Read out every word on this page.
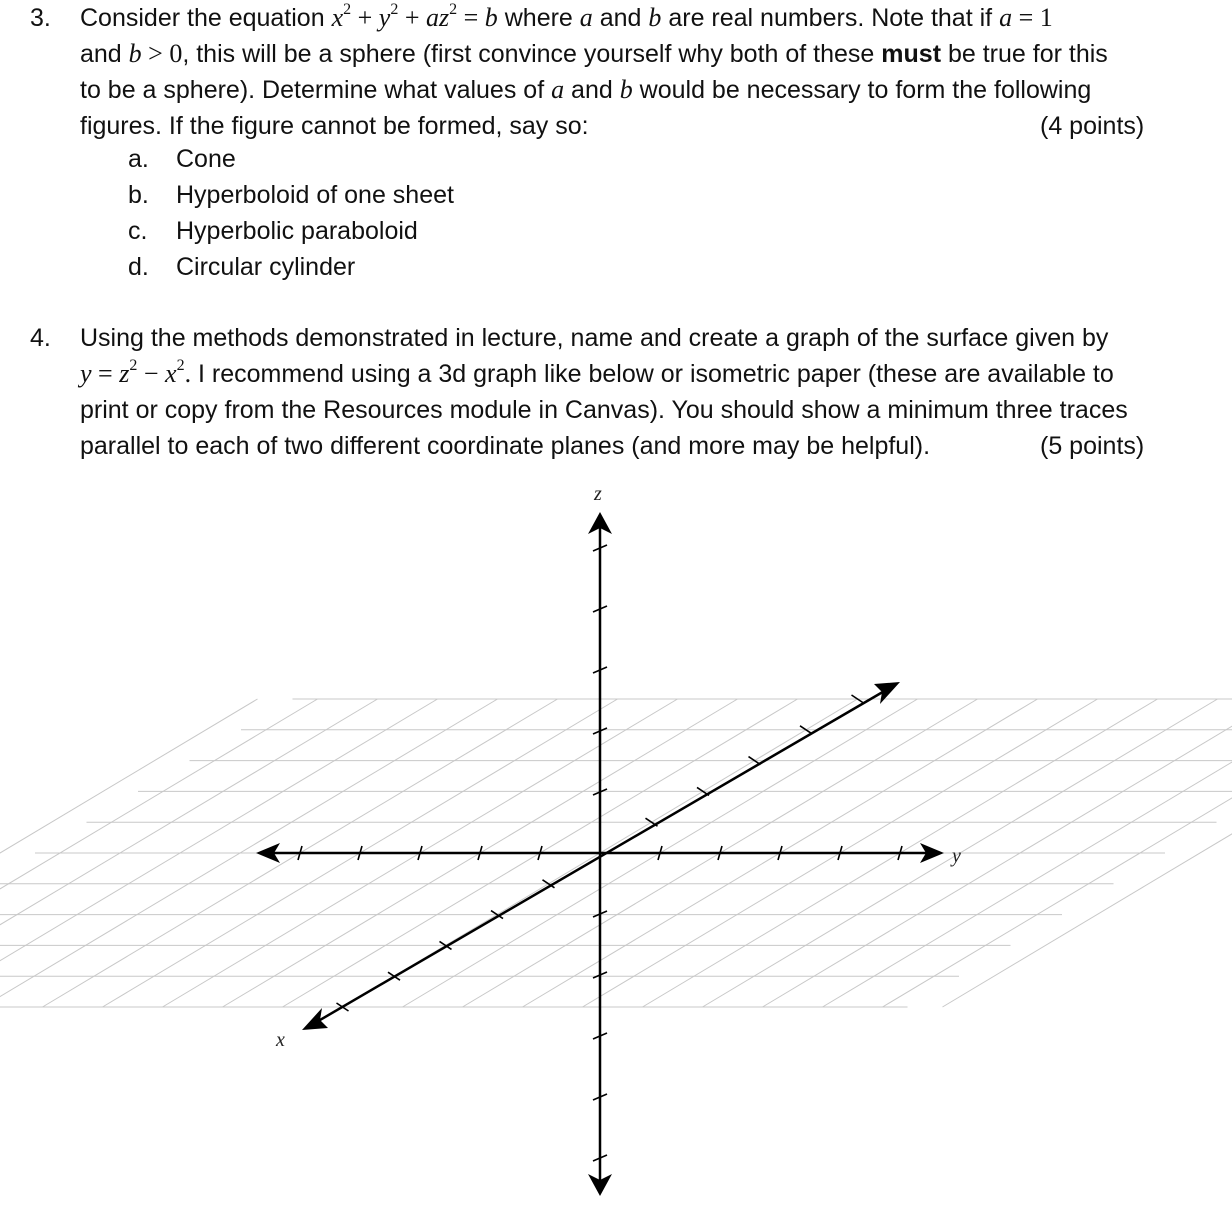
3. Consider the equation $x^2 + y^2 + az^2 = b$ where a and b are real numbers. Note that if a = 1
and b > 0, this will be a sphere (first convince yourself why both of these must be true for this
to be a sphere). Determine what values of a and b would be necessary to form the following
figures. If the figure cannot be formed, say so:	(4 points)
a. Cone
b. Hyperboloid of one sheet
c. Hyperbolic paraboloid
d. Circular cylinder
4. Using the methods demonstrated in lecture, name and create a graph of the surface given by
$y = z^2 - x^2$. I recommend using a 3d graph like below or isometric paper (these are available to
print or copy from the Resources module in Canvas). You should show a minimum three traces
parallel to each of two different coordinate planes (and more may be helpful).	(5 points)
z
y
x
